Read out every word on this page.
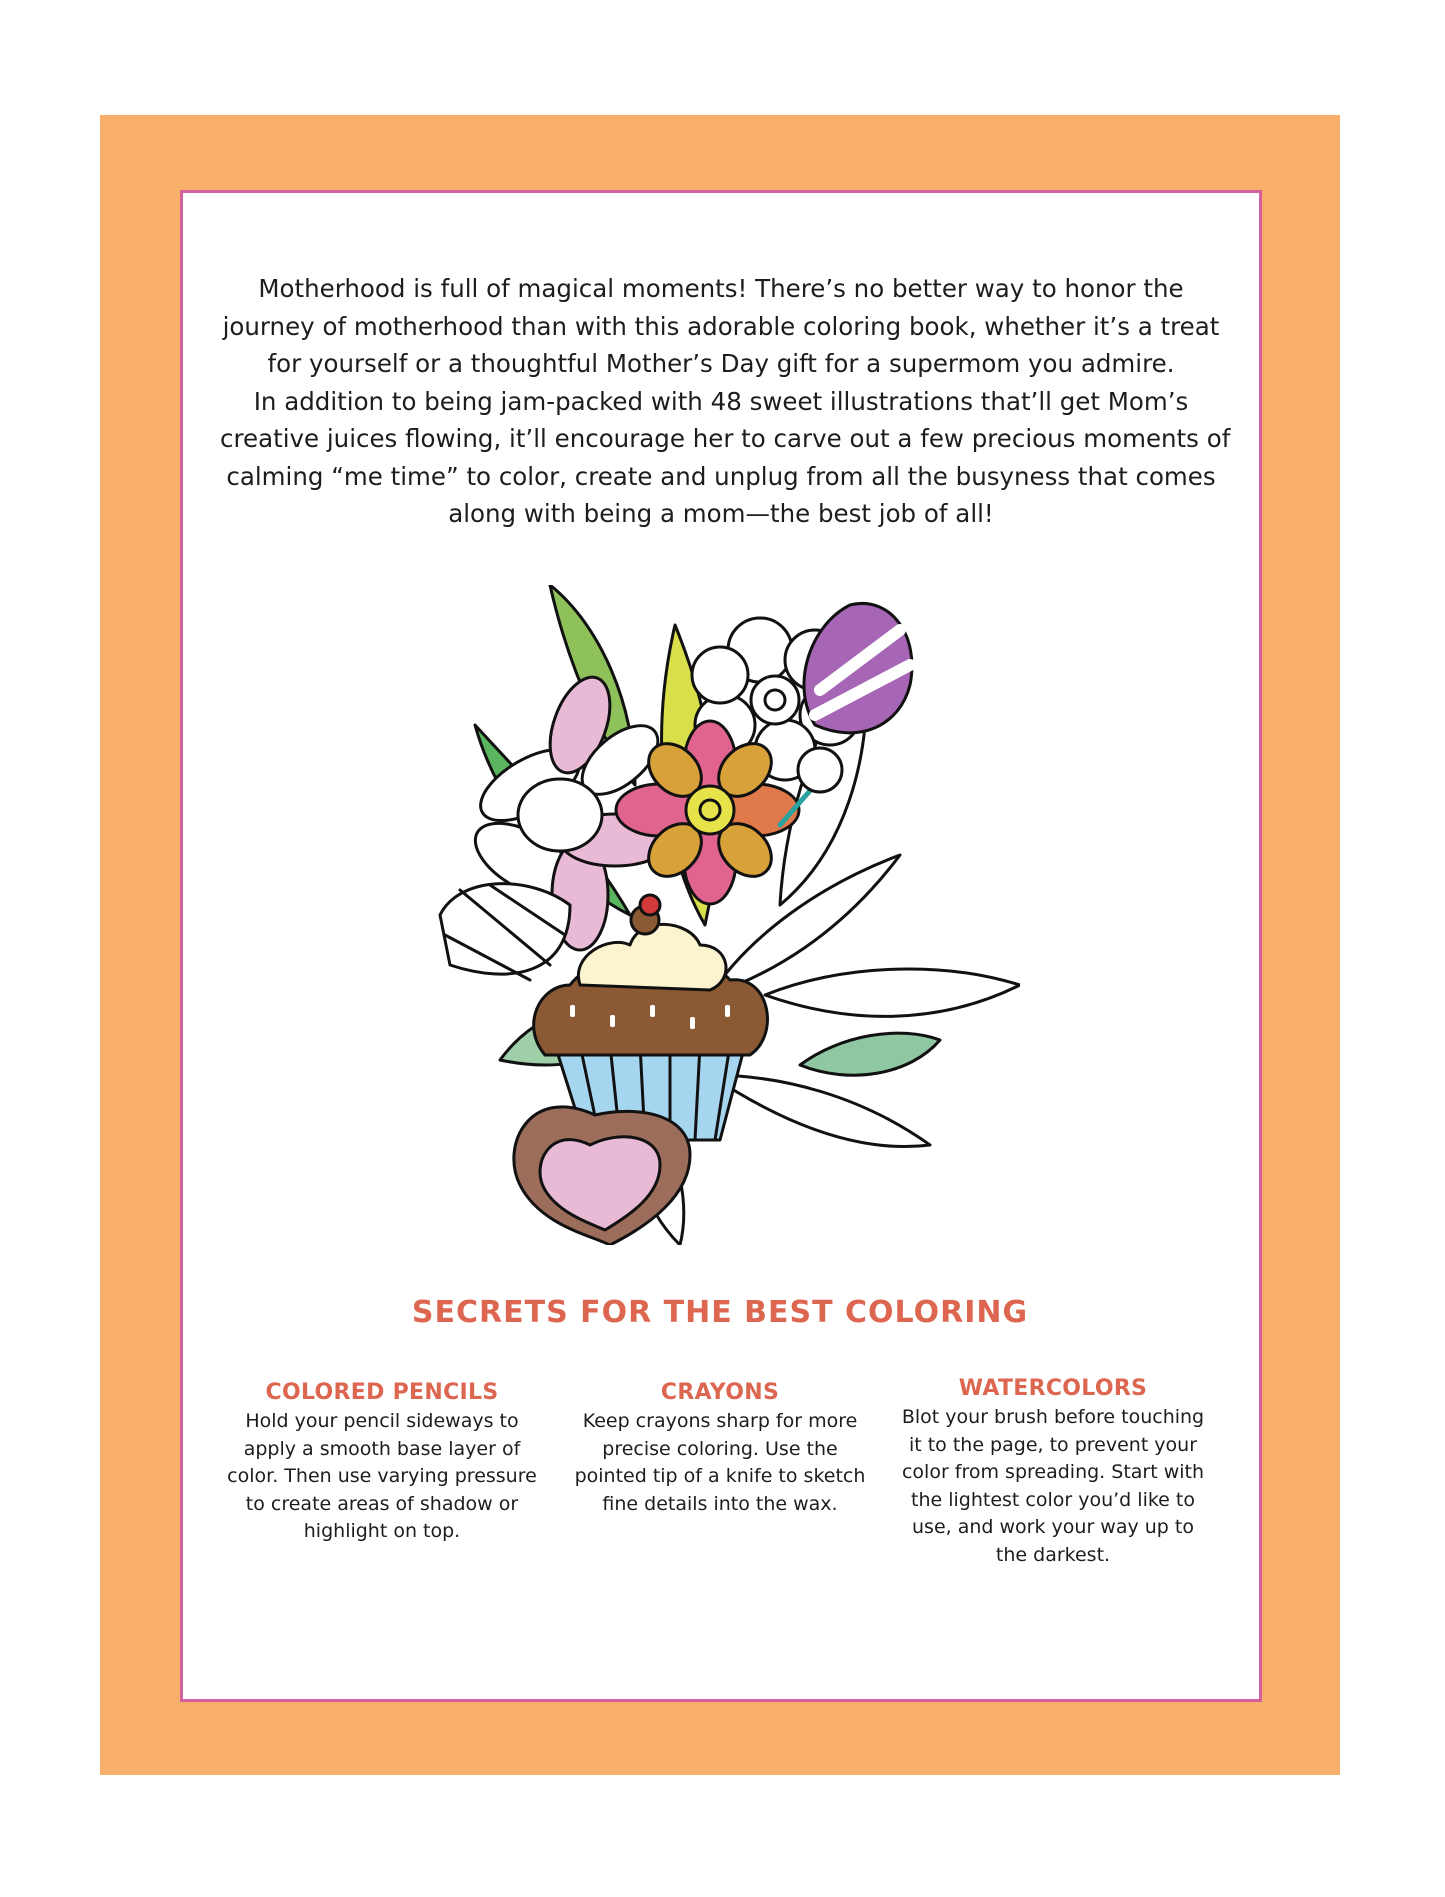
Motherhood is full of magical moments! There’s no better way to honor the
journey of motherhood than with this adorable coloring book, whether it’s a treat
for yourself or a thoughtful Mother’s Day gift for a supermom you admire.
In addition to being jam-packed with 48 sweet illustrations that’ll get Mom’s
creative juices flowing, it’ll encourage her to carve out a few precious moments of
calming “me time” to color, create and unplug from all the busyness that comes
along with being a mom—the best job of all!

SECRETS FOR THE BEST COLORING
COLORED PENCILS

Hold your pencil sideways to
apply a smooth base layer of
color. Then use varying pressure
to create areas of shadow or
highlight on top.

CRAYONS

Keep crayons sharp for more
precise coloring. Use the
pointed tip of a knife to sketch
fine details into the wax.

WATERCOLORS

Blot your brush before touching
it to the page, to prevent your
color from spreading. Start with
the lightest color you’d like to
use, and work your way up to
the darkest.
